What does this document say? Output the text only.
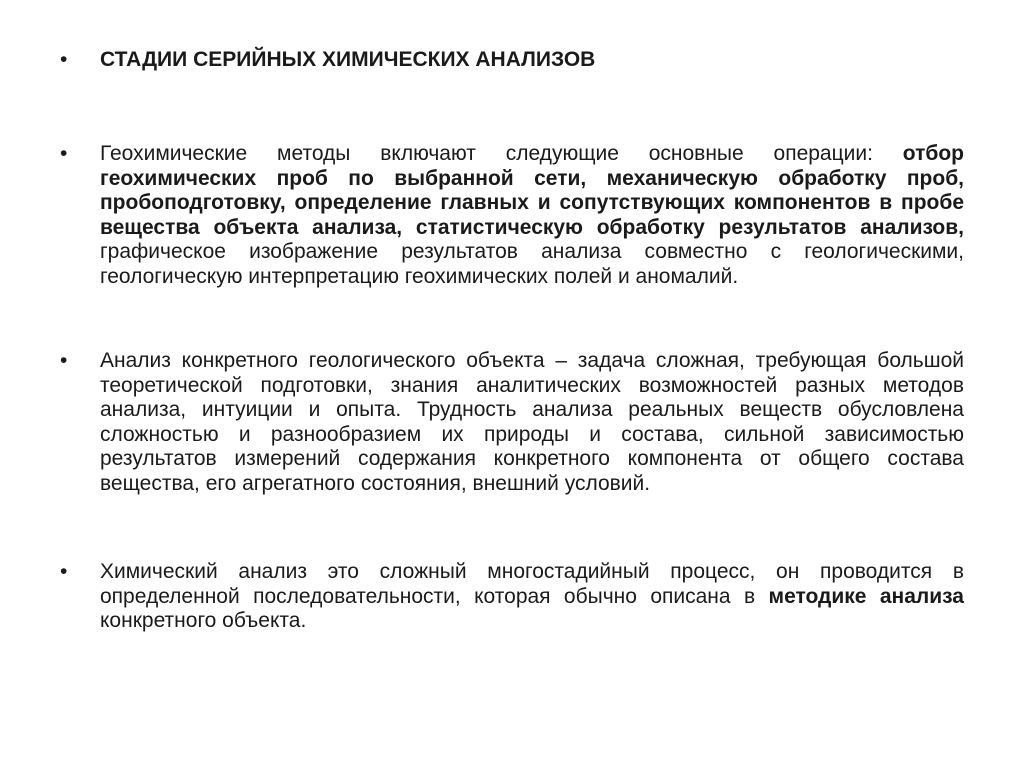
•	СТАДИИ СЕРИЙНЫХ ХИМИЧЕСКИХ АНАЛИЗОВ
•	Геохимические методы включают следующие основные операции: отбор геохимических проб по выбранной сети, механическую обработку проб, пробоподготовку, определение главных и сопутствующих компонентов в пробе вещества объекта анализа, статистическую обработку результатов анализов, графическое изображение результатов анализа совместно с геологическими, геологическую интерпретацию геохимических полей и аномалий.
•	Анализ конкретного геологического объекта – задача сложная, требующая большой теоретической подготовки, знания аналитических возможностей разных методов анализа, интуиции и опыта. Трудность анализа реальных веществ обусловлена сложностью и разнообразием их природы и состава, сильной зависимостью результатов измерений содержания конкретного компонента от общего состава вещества, его агрегатного состояния, внешний условий.
•	Химический анализ это сложный многостадийный процесс, он проводится в определенной последовательности, которая обычно описана в методике анализа конкретного объекта.
